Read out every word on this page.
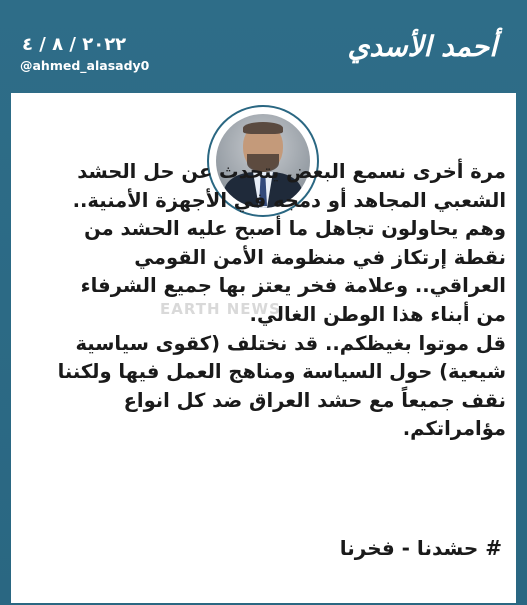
٢٠٢٢ / ٨ / ٤
@ahmed_alasady0
أحمد الأسدي
EARTH NEWS

مرة أخرى نسمع البعض يتحدث عن حل الحشد

الشعبي المجاهد أو دمجه في الأجهزة الأمنية..

وهم يحاولون تجاهل ما أصبح عليه الحشد من

نقطة إرتكاز في منظومة الأمن القومي

العراقي.. وعلامة فخر يعتز بها جميع الشرفاء

من أبناء هذا الوطن الغالي.

قل موتوا بغيظكم.. قد نختلف (كقوى سياسية

شيعية) حول السياسة ومناهج العمل فيها ولكننا

نقف جميعاً مع حشد العراق ضد كل انواع

مؤامراتكم.

# حشدنا - فخرنا
